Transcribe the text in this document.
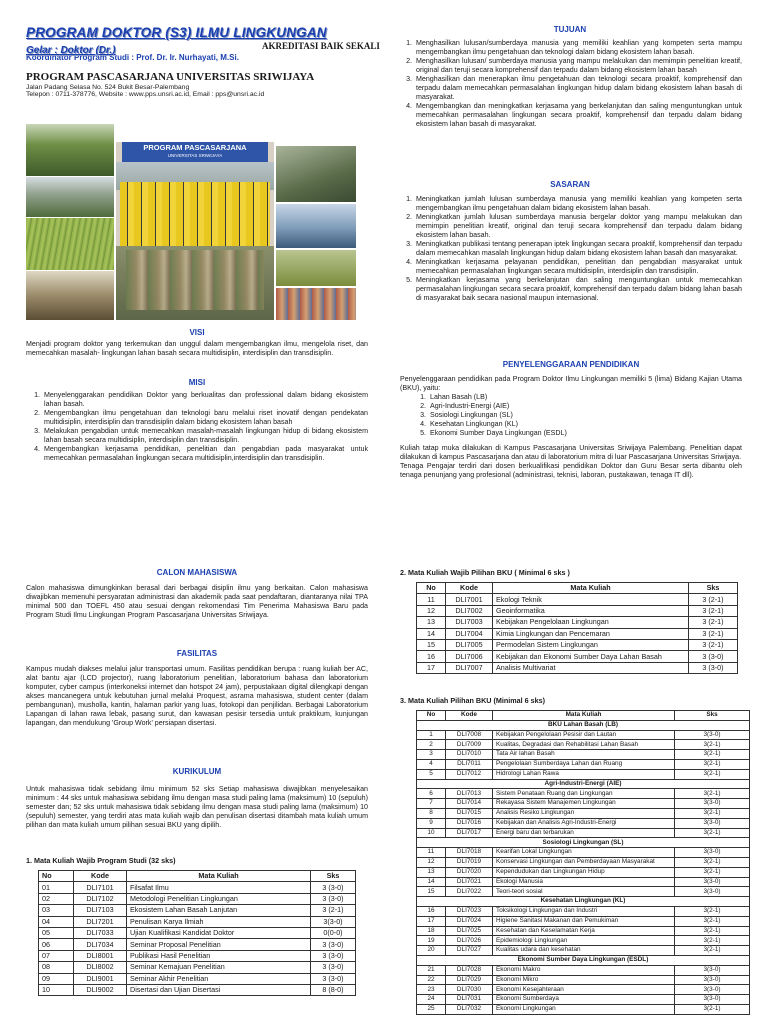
PROGRAM DOKTOR (S3) ILMU LINGKUNGAN
Gelar : Doktor (Dr.)	AKREDITASI BAIK SEKALI
Koordinator Program Studi : Prof. Dr. Ir. Nurhayati, M.Si.
PROGRAM PASCASARJANA UNIVERSITAS SRIWIJAYA
Jalan Padang Selasa No. 524 Bukit Besar-Palembang
Telepon : 0711-378776, Website : www.pps.unsri.ac.id, Email : pps@unsri.ac.id
PROGRAM PASCASARJANA
UNIVERSITAS SRIWIJAYA
VISI
Menjadi program doktor yang terkemukan dan unggul dalam mengembangkan ilmu, mengelola riset, dan memecahkan masalah- lingkungan lahan basah secara multidisiplin, interdisiplin dan transdisiplin.
MISI
1. Menyelenggarakan pendidikan Doktor yang berkualitas dan professional dalam bidang ekosistem lahan basah.
2. Mengembangkan ilmu pengetahuan dan teknologi baru melalui riset inovatif dengan pendekatan multidisiplin, interdisiplin dan transdisiplin dalam bidang ekosistem lahan basah
3. Melakukan pengabdian untuk memecahkan masalah-masalah lingkungan hidup di bidang ekosistem lahan basah secara multidisiplin, interdisiplin dan transdisiplin.
4. Mengembangkan kerjasama pendidikan, penelitian dan pengabdian pada masyarakat untuk memecahkan permasalahan lingkungan secara multidisiplin,interdisiplin dan transdisiplin.
TUJUAN
1. Menghasilkan lulusan/sumberdaya manusia yang memiliki keahlian yang kompeten serta mampu mengembangkan ilmu pengetahuan dan teknologi dalam bidang ekosistem lahan basah.
2. Menghasilkan lulusan/ sumberdaya manusia yang mampu melakukan dan memimpin penelitian kreatif, original dan teruji secara komprehensif dan terpadu dalam bidang ekosistem lahan basah
3. Menghasilkan dan menerapkan ilmu pengetahuan dan teknologi secara proaktif, komprehensif dan terpadu dalam memecahkan permasalahan lingkungan hidup dalam bidang ekosistem lahan basah di masyarakat.
4. Mengembangkan dan meningkatkan kerjasama yang berkelanjutan dan saling menguntungkan untuk memecahkan permasalahan lingkungan secara proaktif, komprehensif dan terpadu dalam bidang ekosistem lahan basah di masyarakat.
SASARAN
1. Meningkatkan jumlah lulusan sumberdaya manusia yang memiliki keahlian yang kompeten serta mengembangkan ilmu pengetahuan dalam bidang ekosistem lahan basah.
2. Meningkatkan jumlah lulusan sumberdaya manusia bergelar doktor yang mampu melakukan dan memimpin penelitian kreatif, original dan teruji secara komprehensif dan terpadu dalam bidang ekosistem lahan basah.
3. Meningkatkan publikasi tentang penerapan iptek lingkungan secara proaktif, komprehensif dan terpadu dalam memecahkan masalah lingkungan hidup dalam bidang ekosistem lahan basah dan masyarakat.
4. Meningkatkan kerjasama pelayanan pendidikan, penelitian dan pengabdian masyarakat untuk memecahkan permasalahan lingkungan secara multidisiplin, interdisiplin dan transdisiplin.
5. Meningkatkan kerjasama yang berkelanjutan dan saling menguntungkan untuk memecahkan permasalahan lingkungan secara secara proaktif, komprehensif dan terpadu dalam bidang lahan basah di masyarakat baik secara nasional maupun internasional.
PENYELENGGARAAN PENDIDIKAN
Penyelenggaraan pendidikan pada Program Doktor Ilmu Lingkungan memiliki 5 (lima) Bidang Kajian Utama (BKU), yaitu:
1. Lahan Basah (LB)
2. Agri-Industri-Energi (AIE)
3. Sosiologi Lingkungan (SL)
4. Kesehatan Lingkungan (KL)
5. Ekonomi Sumber Daya Lingkungan (ESDL)
Kuliah tatap muka dilakukan di Kampus Pascasarjana Universitas Sriwijaya Palembang. Penelitian dapat dilakukan di kampus Pascasarjana dan atau di laboratorium mitra di luar Pascasarjana Universitas Sriwijaya.
Tenaga Pengajar terdiri dari dosen berkualifikasi pendidikan Doktor dan Guru Besar serta dibantu oleh tenaga penunjang yang profesional (administrasi, teknisi, laboran, pustakawan, tenaga IT dll).
CALON MAHASISWA
Calon mahasiswa dimungkinkan berasal dari berbagai disiplin ilmu yang berkaitan. Calon mahasiswa diwajibkan memenuhi persyaratan administrasi dan akademik pada saat pendaftaran, diantaranya nilai TPA minimal 500 dan TOEFL 450 atau sesuai dengan rekomendasi Tim Penerima Mahasiswa Baru pada Program Studi Ilmu Lingkungan Program Pascasarjana Universitas Sriwijaya.
FASILITAS
Kampus mudah diakses melalui jalur transportasi umum. Fasilitas pendidikan berupa : ruang kuliah ber AC, alat bantu ajar (LCD projector), ruang laboratorium penelitian, laboratorium bahasa dan laboratorium komputer, cyber campus (interkoneksi internet dan hotspot 24 jam), perpustakaan digital dilengkapi dengan akses mancanegera untuk kebutuhan jurnal melalui Proquest, asrama mahasiswa, student center (dalam pembangunan), musholla, kantin, halaman parkir yang luas, fotokopi dan penjilidan. Berbagai Laboratorium Lapangan di lahan rawa lebak, pasang surut, dan kawasan pesisir tersedia untuk praktikum, kunjungan lapangan, dan mendukung 'Group Work' persiapan disertasi.
KURIKULUM
Untuk mahasiswa tidak sebidang ilmu minimum 52 sks Setiap mahasiswa diwajibkan menyelesaikan minimum : 44 sks untuk mahasiswa sebidang ilmu dengan masa studi paling lama (maksimum) 10 (sepuluh) semester dan; 52 sks untuk mahasiswa tidak sebidang ilmu dengan masa studi paling lama (maksimum) 10 (sepuluh) semester, yang terdiri atas mata kuliah wajib dan penulisan disertasi ditambah mata kuliah umum pilihan dan mata kuliah umum pilihan sesuai BKU yang dipilih.
1. Mata Kuliah Wajib Program Studi (32 sks)
No	Kode	Mata Kuliah	Sks
01	DLI7101	Filsafat Ilmu	3 (3-0)
02	DLI7102	Metodologi Penelitian Lingkungan	3 (3-0)
03	DLI7103	Ekosistem Lahan Basah Lanjutan	3 (2-1)
04	DLI7201	Penulisan Karya Ilmiah	3(3-0)
05	DLI7033	Ujian Kualifikasi Kandidat Doktor	0(0-0)
06	DLI7034	Seminar Proposal Penelitian	3 (3-0)
07	DLI8001	Publikasi Hasil Penelitian	3 (3-0)
08	DLI8002	Seminar Kemajuan Penelitian	3 (3-0)
09	DLI9001	Seminar Akhir Penelitian	3 (3-0)
10	DLI9002	Disertasi dan Ujian Disertasi	8 (8-0)
2. Mata Kuliah Wajib Pilihan BKU ( Minimal 6 sks )
No	Kode	Mata Kuliah	Sks
11	DLI7001	Ekologi Teknik	3 (2-1)
12	DLI7002	Geoinformatika	3 (2-1)
13	DLI7003	Kebijakan Pengelolaan Lingkungan	3 (2-1)
14	DLI7004	Kimia Lingkungan dan Pencemaran	3 (2-1)
15	DLI7005	Permodelan Sistem Lingkungan	3 (2-1)
16	DLI7006	Kebijakan dan Ekonomi Sumber Daya Lahan Basah	3 (3-0)
17	DLI7007	Analisis Multivariat	3 (3-0)
3. Mata Kuliah Pilihan BKU (Minimal 6 sks)
No	Kode	Mata Kuliah	Sks
BKU Lahan Basah (LB)			
1	DLI7008	Kebijakan Pengelolaan Pesisir dan Lautan	3(3-0)
2	DLI7009	Kualitas, Degradasi dan Rehabilitasi Lahan Basah	3(2-1)
3	DLI7010	Tata Air lahan Basah	3(2-1)
4	DLI7011	Pengelolaan Sumberdaya Lahan dan Ruang	3(2-1)
5	DLI7012	Hidrologi Lahan Rawa	3(2-1)
Agri-Industri-Energi (AIE)			
6	DLI7013	Sistem Penataan Ruang dan Lingkungan	3(2-1)
7	DLI7014	Rekayasa Sistem Manajemen Lingkungan	3(3-0)
8	DLI7015	Analisis Resiko Lingkungan	3(2-1)
9	DLI7016	Kebijakan dan Analisis Agri-Industri-Energi	3(3-0)
10	DLI7017	Energi baru dan terbarukan	3(2-1)
Sosiologi Lingkungan (SL)			
11	DLI7018	Kearifan Lokal Lingkungan	3(3-0)
12	DLI7019	Konservasi Lingkungan dan Pemberdayaan Masyarakat	3(2-1)
13	DLI7020	Kependudukan dan Lingkungan Hidup	3(2-1)
14	DLI7021	Ekologi Manusia	3(3-0)
15	DLI7022	Teori-teori sosial	3(3-0)
Kesehatan Lingkungan (KL)			
16	DLI7023	Toksikologi Lingkungan dan Industri	3(2-1)
17	DLI7024	Higiene Sanitasi Makanan dan Pemukiman	3(2-1)
18	DLI7025	Kesehatan dan Keselamatan Kerja	3(2-1)
19	DLI7026	Epidemiologi Lingkungan	3(2-1)
20	DLI7027	Kualitas udara dan kesehatan	3(2-1)
Ekonomi Sumber Daya Lingkungan (ESDL)			
21	DLI7028	Ekonomi Makro	3(3-0)
22	DLI7029	Ekonomi Mikro	3(3-0)
23	DLI7030	Ekonomi Kesejahteraan	3(3-0)
24	DLI7031	Ekonomi Sumberdaya	3(3-0)
25	DLI7032	Ekonomi Lingkungan	3(2-1)
